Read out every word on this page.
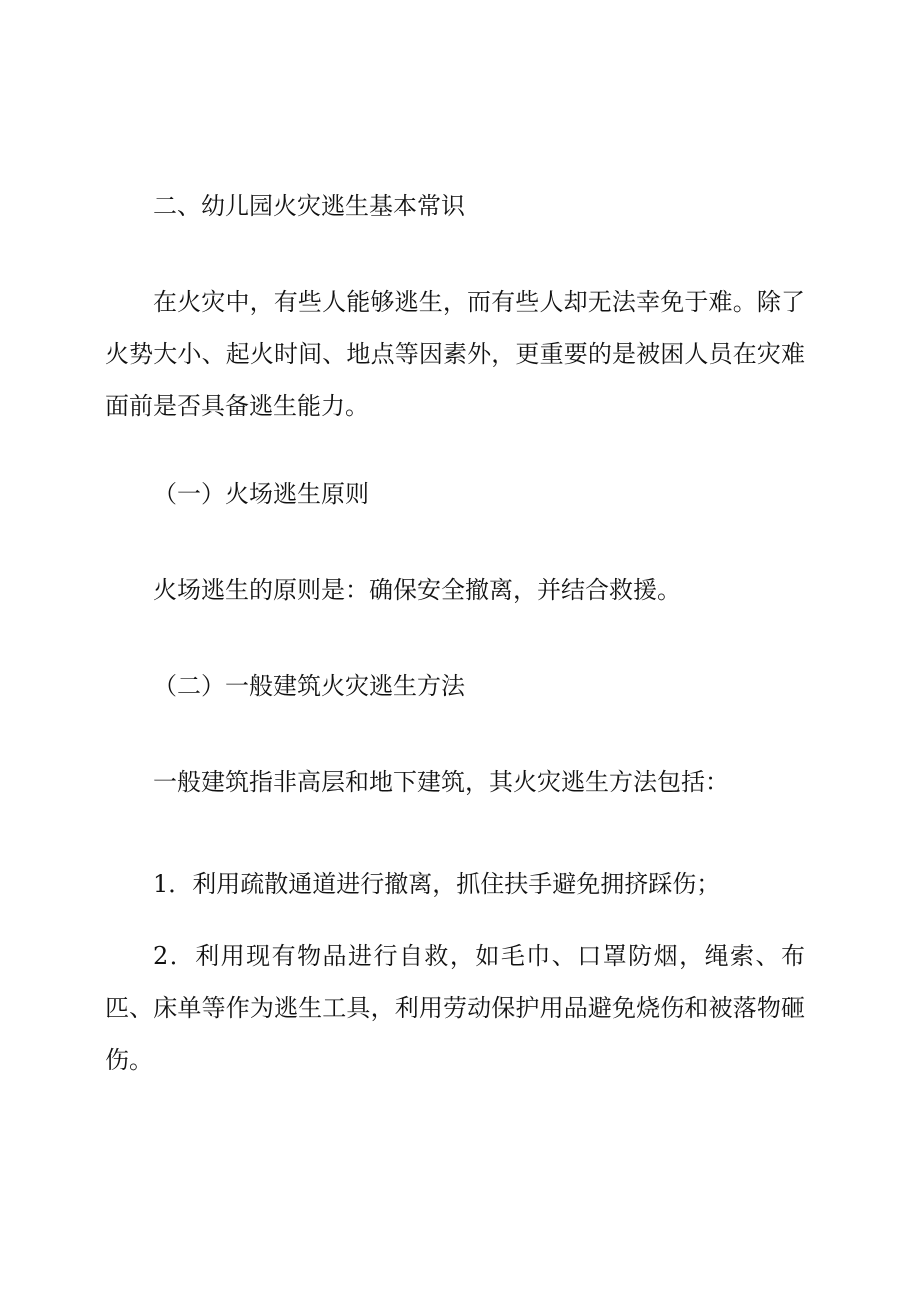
二、幼儿园火灾逃生基本常识

在火灾中，有些人能够逃生，而有些人却无法幸免于难。除了火势大小、起火时间、地点等因素外，更重要的是被困人员在灾难面前是否具备逃生能力。

（一）火场逃生原则

火场逃生的原则是：确保安全撤离，并结合救援。

（二）一般建筑火灾逃生方法

一般建筑指非高层和地下建筑，其火灾逃生方法包括：

1．利用疏散通道进行撤离，抓住扶手避免拥挤踩伤；

2．利用现有物品进行自救，如毛巾、口罩防烟，绳索、布匹、床单等作为逃生工具，利用劳动保护用品避免烧伤和被落物砸伤。
